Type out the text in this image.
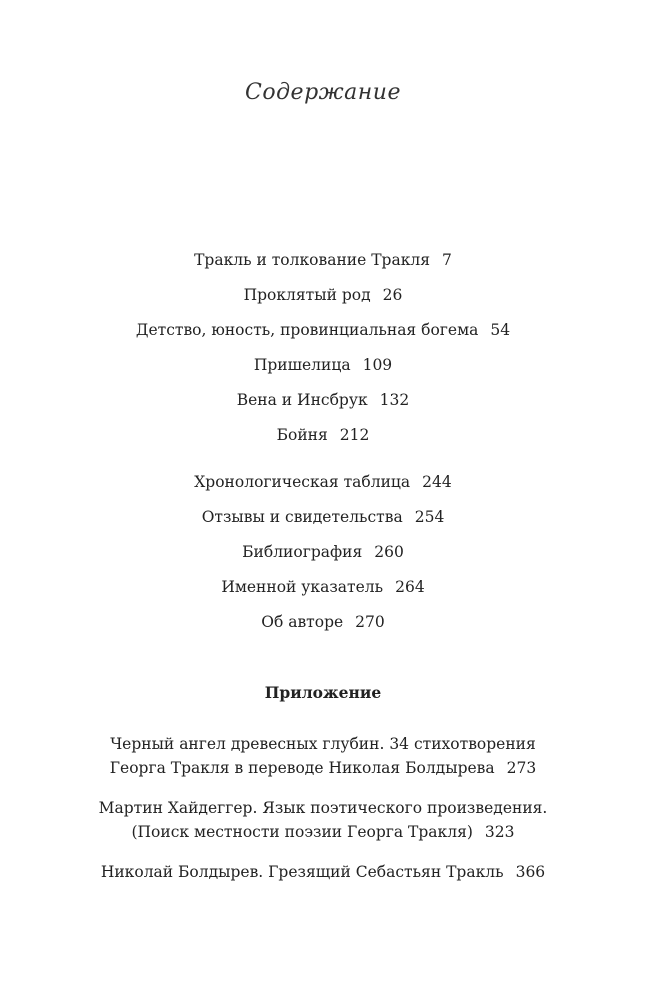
Содержание
Тракль и толкование Тракля 7
Проклятый род 26
Детство, юность, провинциальная богема 54
Пришелица 109
Вена и Инсбрук 132
Бойня 212
Хронологическая таблица 244
Отзывы и свидетельства 254
Библиография 260
Именной указатель 264
Об авторе 270
Приложение
Черный ангел древесных глубин. 34 стихотворения
Георга Тракля в переводе Николая Болдырева 273
Мартин Хайдеггер. Язык поэтического произведения.
(Поиск местности поэзии Георга Тракля) 323
Николай Болдырев. Грезящий Себастьян Тракль 366
